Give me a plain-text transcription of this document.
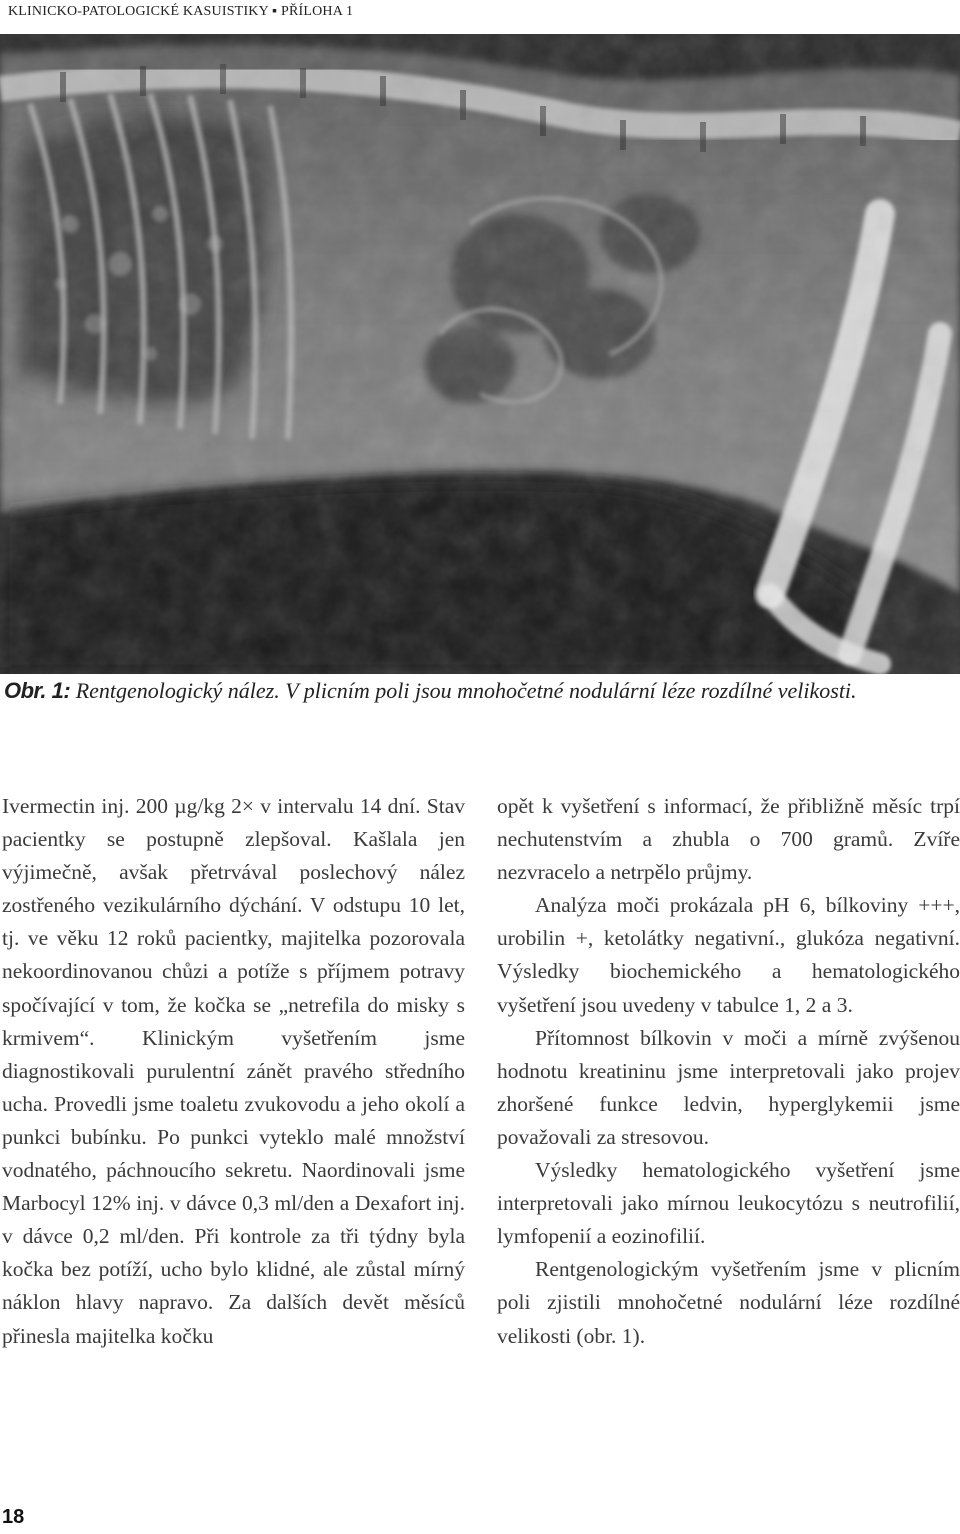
KLINICKO-PATOLOGICKÉ KASUISTIKY ▪ PŘÍLOHA 1
Obr. 1: Rentgenologický nález. V plicním poli jsou mnohočetné nodulární léze rozdílné velikosti.

Ivermectin inj. 200 µg/kg 2× v intervalu 14 dní. Stav pacientky se postupně zlepšoval. Kašlala jen výjimečně, avšak přetrvával poslechový nález zostřeného vezikulárního dýchání. V odstupu 10 let, tj. ve věku 12 roků pacientky, majitelka pozorovala nekoordinovanou chůzi a potíže s příjmem potravy spočívající v tom, že kočka se „netrefila do misky s krmivem“. Klinickým vyšetřením jsme diagnostikovali purulentní zánět pravého středního ucha. Provedli jsme toaletu zvukovodu a jeho okolí a punkci bubínku. Po punkci vyteklo malé množství vodnatého, páchnoucího sekretu. Naordinovali jsme Marbocyl 12% inj. v dávce 0,3 ml/den a Dexafort inj. v dávce 0,2 ml/den. Při kontrole za tři týdny byla kočka bez potíží, ucho bylo klidné, ale zůstal mírný náklon hlavy napravo. Za dalších devět měsíců přinesla majitelka kočku

opět k vyšetření s informací, že přibližně měsíc trpí nechutenstvím a zhubla o 700 gramů. Zvíře nezvracelo a netrpělo průjmy.

Analýza moči prokázala pH 6, bílkoviny +++, urobilin +, ketolátky negativní., glukóza negativní. Výsledky biochemického a hematologického vyšetření jsou uvedeny v tabulce 1, 2 a 3.

Přítomnost bílkovin v moči a mírně zvýšenou hodnotu kreatininu jsme interpretovali jako projev zhoršené funkce ledvin, hyperglykemii jsme považovali za stresovou.

Výsledky hematologického vyšetření jsme interpretovali jako mírnou leukocytózu s neutrofilií, lymfopenií a eozinofilií.

Rentgenologickým vyšetřením jsme v plicním poli zjistili mnohočetné nodulární léze rozdílné velikosti (obr. 1).

18
